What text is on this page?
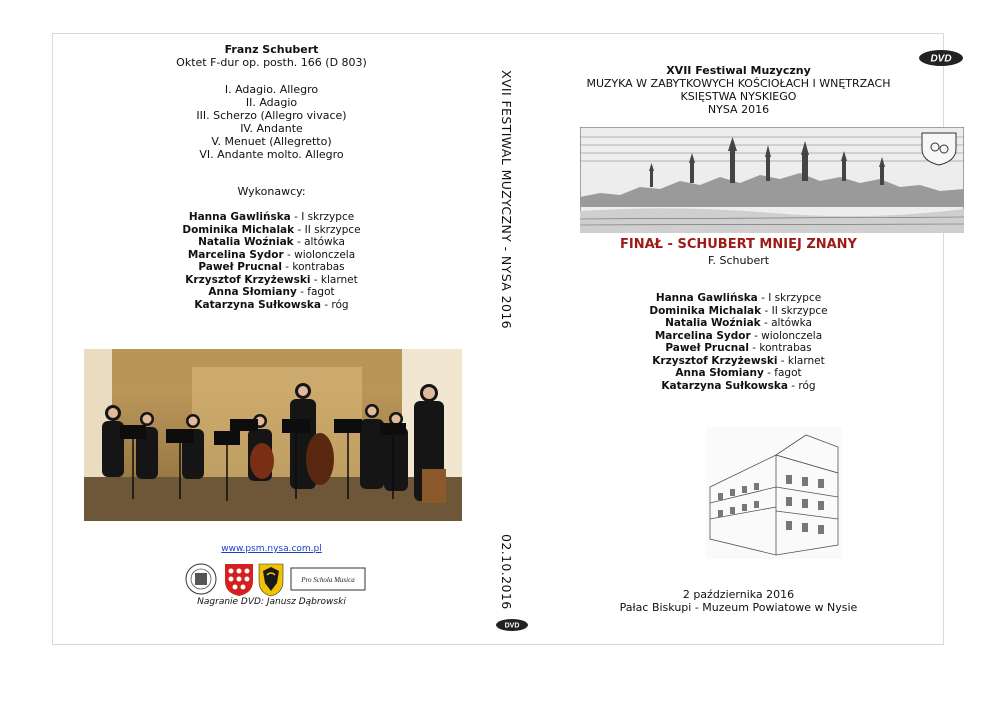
Franz Schubert
Oktet F-dur op. posth. 166 (D 803)
I. Adagio. Allegro
II. Adagio
III. Scherzo (Allegro vivace)
IV. Andante
V. Menuet (Allegretto)
VI. Andante molto. Allegro
Wykonawcy:
Hanna Gawlińska - I skrzypce
Dominika Michalak - II skrzypce
Natalia Woźniak - altówka
Marcelina Sydor - wiolonczela
Paweł Prucnal - kontrabas
Krzysztof Krzyżewski - klarnet
Anna Słomiany - fagot
Katarzyna Sułkowska - róg
www.psm.nysa.com.pl
Pro Schola Musica
Nagranie DVD: Janusz Dąbrowski
XVII FESTIWAL MUZYCZNY - NYSA 2016
02.10.2016
DVD
DVD
XVII Festiwal Muzyczny
MUZYKA W ZABYTKOWYCH KOŚCIOŁACH I WNĘTRZACH
KSIĘSTWA NYSKIEGO
NYSA 2016
FINAŁ - SCHUBERT MNIEJ ZNANY
F. Schubert
Hanna Gawlińska - I skrzypce
Dominika Michalak - II skrzypce
Natalia Woźniak - altówka
Marcelina Sydor - wiolonczela
Paweł Prucnal - kontrabas
Krzysztof Krzyżewski - klarnet
Anna Słomiany - fagot
Katarzyna Sułkowska - róg
2 października 2016
Pałac Biskupi - Muzeum Powiatowe w Nysie
